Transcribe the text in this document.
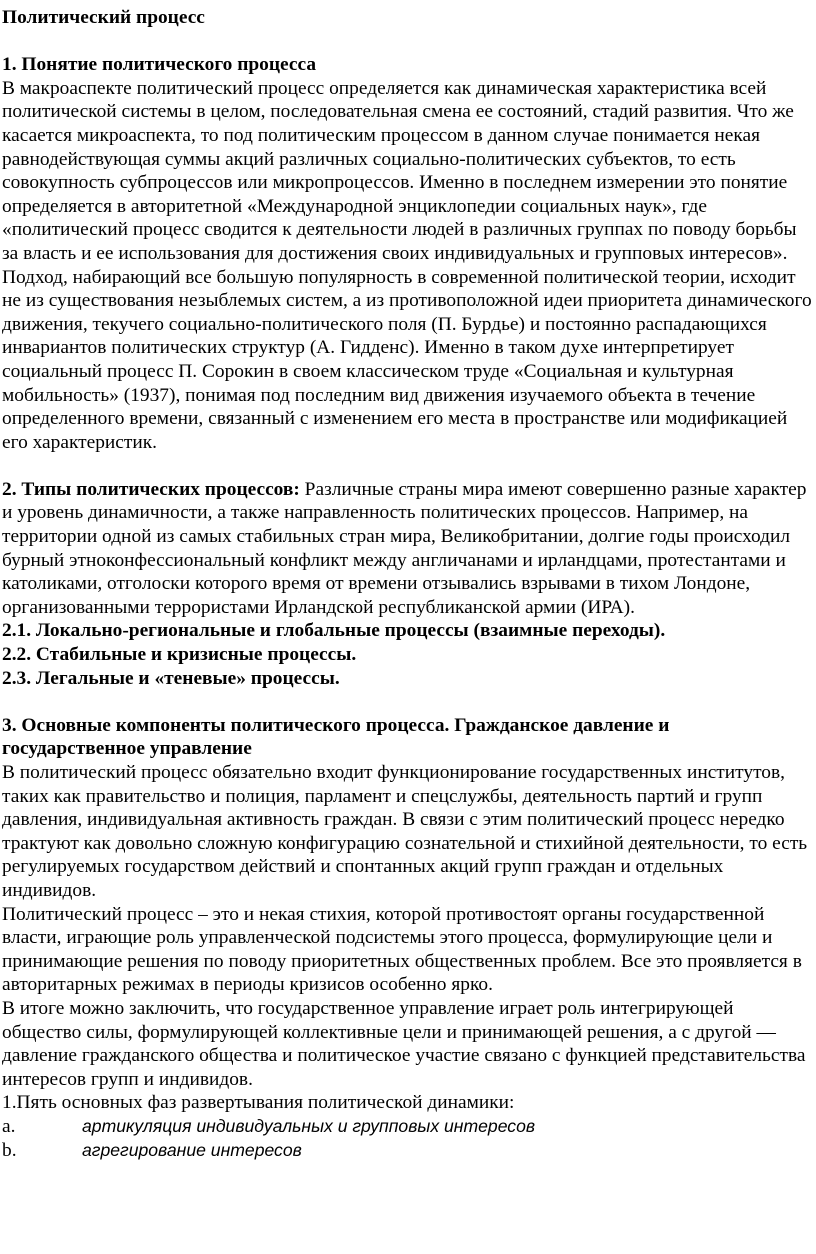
Политический процесс

1. Понятие политического процесса

В макроаспекте политический процесс определяется как динамическая характеристика всей политической системы в целом, последовательная смена ее состояний, стадий развития. Что же касается микроаспекта, то под политическим процессом в данном случае понимается некая равнодействующая суммы акций различных социально-политических субъектов, то есть совокупность субпроцессов или микропроцессов. Именно в последнем измерении это понятие определяется в авторитетной «Международной энциклопедии социальных наук», где «политический процесс сводится к деятельности людей в различных группах по поводу борьбы за власть и ее использования для достижения своих индивидуальных и групповых интересов».

Подход, набирающий все большую популярность в современной политической теории, исходит не из существования незыблемых систем, а из противоположной идеи приоритета динамического движения, текучего социально-политического поля (П. Бурдье) и постоянно распадающихся инвариантов политических структур (А. Гидденс). Именно в таком духе интерпретирует социальный процесс П. Сорокин в своем классическом труде «Социальная и культурная мобильность» (1937), понимая под последним вид движения изучаемого объекта в течение определенного времени, связанный с изменением его места в пространстве или модификацией его характеристик.

2. Типы политических процессов: Различные страны мира имеют совершенно разные характер и уровень динамичности, а также направленность политических процессов. Например, на территории одной из самых стабильных стран мира, Великобритании, долгие годы происходил бурный этноконфессиональный конфликт между англичанами и ирландцами, протестантами и католиками, отголоски которого время от времени отзывались взрывами в тихом Лондоне, организованными террористами Ирландской республиканской армии (ИРА).

2.1. Локально-региональные и глобальные процессы (взаимные переходы).

2.2. Стабильные и кризисные процессы.

2.3. Легальные и «теневые» процессы.

3. Основные компоненты политического процесса. Гражданское давление и государственное управление

В политический процесс обязательно входит функционирование государственных институтов, таких как правительство и полиция, парламент и спецслужбы, деятельность партий и групп давления, индивидуальная активность граждан. В связи с этим политический процесс нередко трактуют как довольно сложную конфигурацию сознательной и стихийной деятельности, то есть регулируемых государством действий и спонтанных акций групп граждан и отдельных индивидов.

Политический процесс – это и некая стихия, которой противостоят органы государственной власти, играющие роль управленческой подсистемы этого процесса, формулирующие цели и принимающие решения по поводу приоритетных общественных проблем. Все это проявляется в авторитарных режимах в периоды кризисов особенно ярко.

В итоге можно заключить, что государственное управление играет роль интегрирующей общество силы, формулирующей коллективные цели и принимающей решения, а с другой — давление гражданского общества и политическое участие связано с функцией представительства интересов групп и индивидов.

1.Пять основных фаз развертывания политической динамики:

a.	артикуляция индивидуальных и групповых интересов
b.	агрегирование интересов
